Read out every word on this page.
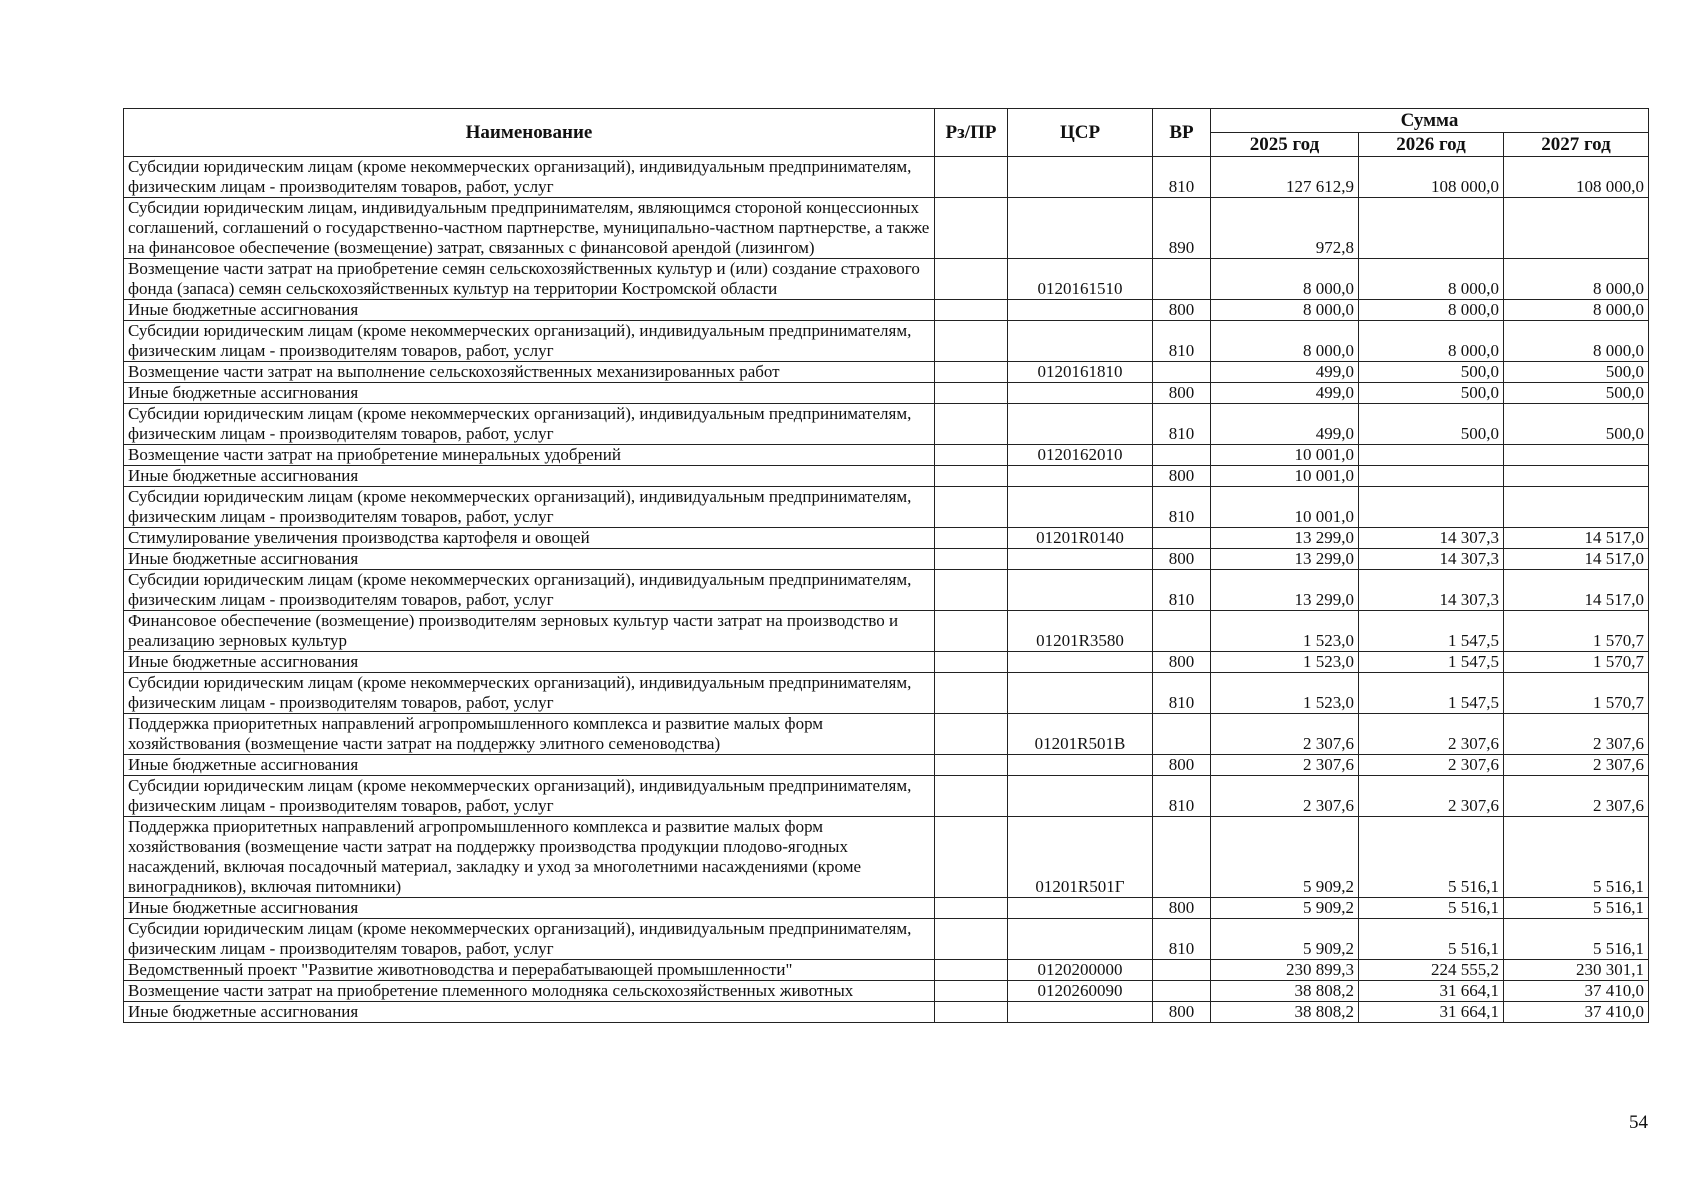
Наименование	Рз/ПР	ЦСР	ВР	Сумма		
				2025 год	2026 год	2027 год
Субсидии юридическим лицам (кроме некоммерческих организаций), индивидуальным предпринимателям, физическим лицам - производителям товаров, работ, услуг			810	127 612,9	108 000,0	108 000,0
Субсидии юридическим лицам, индивидуальным предпринимателям, являющимся стороной концессионных соглашений, соглашений о государственно-частном партнерстве, муниципально-частном партнерстве, а также на финансовое обеспечение (возмещение) затрат, связанных с финансовой арендой (лизингом)			890	972,8		
Возмещение части затрат на приобретение семян сельскохозяйственных культур и (или) создание страхового фонда (запаса) семян сельскохозяйственных культур на территории Костромской области		0120161510		8 000,0	8 000,0	8 000,0
Иные бюджетные ассигнования			800	8 000,0	8 000,0	8 000,0
Субсидии юридическим лицам (кроме некоммерческих организаций), индивидуальным предпринимателям, физическим лицам - производителям товаров, работ, услуг			810	8 000,0	8 000,0	8 000,0
Возмещение части затрат на выполнение сельскохозяйственных механизированных работ		0120161810		499,0	500,0	500,0
Иные бюджетные ассигнования			800	499,0	500,0	500,0
Субсидии юридическим лицам (кроме некоммерческих организаций), индивидуальным предпринимателям, физическим лицам - производителям товаров, работ, услуг			810	499,0	500,0	500,0
Возмещение части затрат на приобретение минеральных удобрений		0120162010		10 001,0		
Иные бюджетные ассигнования			800	10 001,0		
Субсидии юридическим лицам (кроме некоммерческих организаций), индивидуальным предпринимателям, физическим лицам - производителям товаров, работ, услуг			810	10 001,0		
Стимулирование увеличения производства картофеля и овощей		01201R0140		13 299,0	14 307,3	14 517,0
Иные бюджетные ассигнования			800	13 299,0	14 307,3	14 517,0
Субсидии юридическим лицам (кроме некоммерческих организаций), индивидуальным предпринимателям, физическим лицам - производителям товаров, работ, услуг			810	13 299,0	14 307,3	14 517,0
Финансовое обеспечение (возмещение) производителям зерновых культур части затрат на производство и реализацию зерновых культур		01201R3580		1 523,0	1 547,5	1 570,7
Иные бюджетные ассигнования			800	1 523,0	1 547,5	1 570,7
Субсидии юридическим лицам (кроме некоммерческих организаций), индивидуальным предпринимателям, физическим лицам - производителям товаров, работ, услуг			810	1 523,0	1 547,5	1 570,7
Поддержка приоритетных направлений агропромышленного комплекса и развитие малых форм хозяйствования (возмещение части затрат на поддержку элитного семеноводства)		01201R501B		2 307,6	2 307,6	2 307,6
Иные бюджетные ассигнования			800	2 307,6	2 307,6	2 307,6
Субсидии юридическим лицам (кроме некоммерческих организаций), индивидуальным предпринимателям, физическим лицам - производителям товаров, работ, услуг			810	2 307,6	2 307,6	2 307,6
Поддержка приоритетных направлений агропромышленного комплекса и развитие малых форм хозяйствования (возмещение части затрат на поддержку производства продукции плодово-ягодных насаждений, включая посадочный материал, закладку и уход за многолетними насаждениями (кроме виноградников), включая питомники)		01201R501Г		5 909,2	5 516,1	5 516,1
Иные бюджетные ассигнования			800	5 909,2	5 516,1	5 516,1
Субсидии юридическим лицам (кроме некоммерческих организаций), индивидуальным предпринимателям, физическим лицам - производителям товаров, работ, услуг			810	5 909,2	5 516,1	5 516,1
Ведомственный проект "Развитие животноводства и перерабатывающей промышленности"		0120200000		230 899,3	224 555,2	230 301,1
Возмещение части затрат на приобретение племенного молодняка сельскохозяйственных животных		0120260090		38 808,2	31 664,1	37 410,0
Иные бюджетные ассигнования			800	38 808,2	31 664,1	37 410,0
54
